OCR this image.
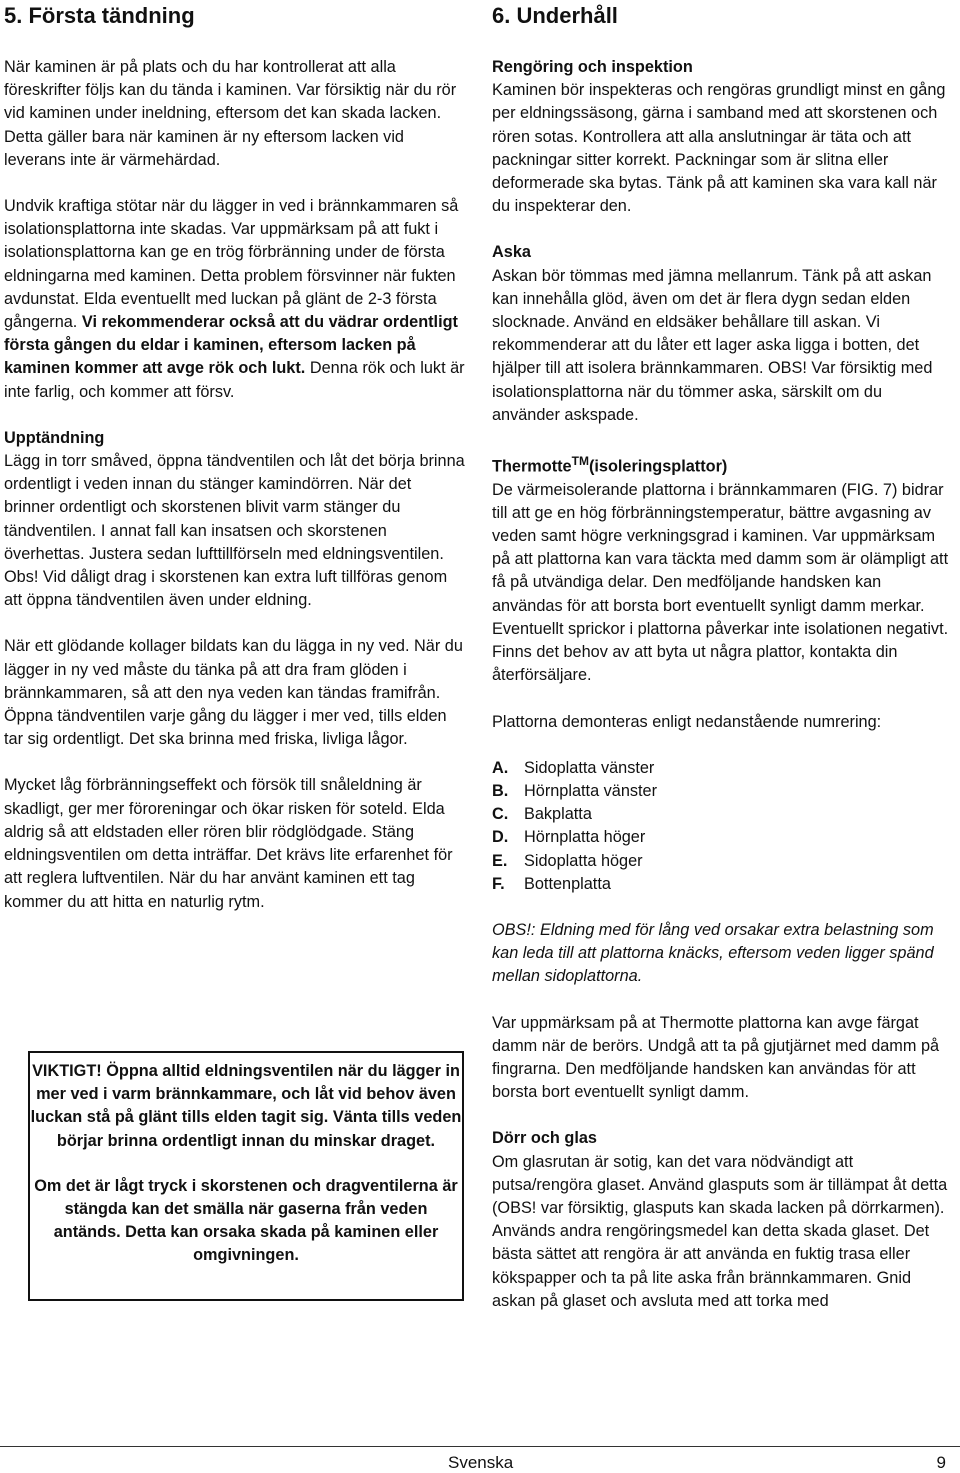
5. Första tändning

När kaminen är på plats och du har kontrollerat att alla föreskrifter följs kan du tända i kaminen. Var försiktig när du rör vid kaminen under ineldning, eftersom det kan skada lacken. Detta gäller bara när kaminen är ny eftersom lacken vid leverans inte är värmehärdad.

Undvik kraftiga stötar när du lägger in ved i brännkammaren så isolationsplattorna inte skadas. Var uppmärksam på att fukt i isolationsplattorna kan ge en trög förbränning under de första eldningarna med kaminen. Detta problem försvinner när fukten avdunstat. Elda eventuellt med luckan på glänt de 2-3 första gångerna. Vi rekommenderar också att du vädrar ordentligt första gången du eldar i kaminen, eftersom lacken på kaminen kommer att avge rök och lukt. Denna rök och lukt är inte farlig, och kommer att försv.

Upptändning

Lägg in torr småved, öppna tändventilen och låt det börja brinna ordentligt i veden innan du stänger kamindörren. När det brinner ordentligt och skorstenen blivit varm stänger du tändventilen. I annat fall kan insatsen och skorstenen överhettas. Justera sedan lufttillförseln med eldningsventilen. Obs! Vid dåligt drag i skorstenen kan extra luft tillföras genom att öppna tändventilen även under eldning.

När ett glödande kollager bildats kan du lägga in ny ved. När du lägger in ny ved måste du tänka på att dra fram glöden i brännkammaren, så att den nya veden kan tändas framifrån. Öppna tändventilen varje gång du lägger i mer ved, tills elden tar sig ordentligt. Det ska brinna med friska, livliga lågor.

Mycket låg förbränningseffekt och försök till snåleldning är skadligt, ger mer föroreningar och ökar risken för soteld. Elda aldrig så att eldstaden eller rören blir rödglödgade. Stäng eldningsventilen om detta inträffar. Det krävs lite erfarenhet för att reglera luftventilen. När du har använt kaminen ett tag kommer du att hitta en naturlig rytm.

VIKTIGT! Öppna alltid eldningsventilen när du lägger in mer ved i varm brännkammare, och låt vid behov även luckan stå på glänt tills elden tagit sig. Vänta tills veden börjar brinna ordentligt innan du minskar draget.

Om det är lågt tryck i skorstenen och dragventilerna är stängda kan det smälla när gaserna från veden antänds. Detta kan orsaka skada på kaminen eller omgivningen.

6. Underhåll

Rengöring och inspektion

Kaminen bör inspekteras och rengöras grundligt minst en gång per eldningssäsong, gärna i samband med att skorstenen och rören sotas. Kontrollera att alla anslutningar är täta och att packningar sitter korrekt. Packningar som är slitna eller deformerade ska bytas. Tänk på att kaminen ska vara kall när du inspekterar den.

Aska

Askan bör tömmas med jämna mellanrum. Tänk på att askan kan innehålla glöd, även om det är flera dygn sedan elden slocknade. Använd en eldsäker behållare till askan. Vi rekommenderar att du låter ett lager aska ligga i botten, det hjälper till att isolera brännkammaren. OBS! Var försiktig med isolationsplattorna när du tömmer aska, särskilt om du använder askspade.

Thermotte™(isoleringsplattor)

De värmeisolerande plattorna i brännkammaren (FIG. 7) bidrar till att ge en hög förbränningstemperatur, bättre avgasning av veden samt högre verkningsgrad i kaminen. Var uppmärksam på att plattorna kan vara täckta med damm som är olämpligt att få på utvändiga delar. Den medföljande handsken kan användas för att borsta bort eventuellt synligt damm merkar. Eventuellt sprickor i plattorna påverkar inte isolationen negativt. Finns det behov av att byta ut några plattor, kontakta din återförsäljare.

Plattorna demonteras enligt nedanstående numrering:

A. Sidoplatta vänster
B. Hörnplatta vänster
C. Bakplatta
D. Hörnplatta höger
E. Sidoplatta höger
F. Bottenplatta

OBS!: Eldning med för lång ved orsakar extra belastning som kan leda till att plattorna knäcks, eftersom veden ligger spänd mellan sidoplattorna.

Var uppmärksam på at Thermotte plattorna kan avge färgat damm när de berörs. Undgå att ta på gjutjärnet med damm på fingrarna. Den medföljande handsken kan användas för att borsta bort eventuellt synligt damm.

Dörr och glas

Om glasrutan är sotig, kan det vara nödvändigt att putsa/rengöra glaset. Använd glasputs som är tillämpat åt detta (OBS! var försiktig, glasputs kan skada lacken på dörrkarmen). Används andra rengöringsmedel kan detta skada glaset. Det bästa sättet att rengöra är att använda en fuktig trasa eller kökspapper och ta på lite aska från brännkammaren. Gnid askan på glaset och avsluta med att torka med

Svenska	9
